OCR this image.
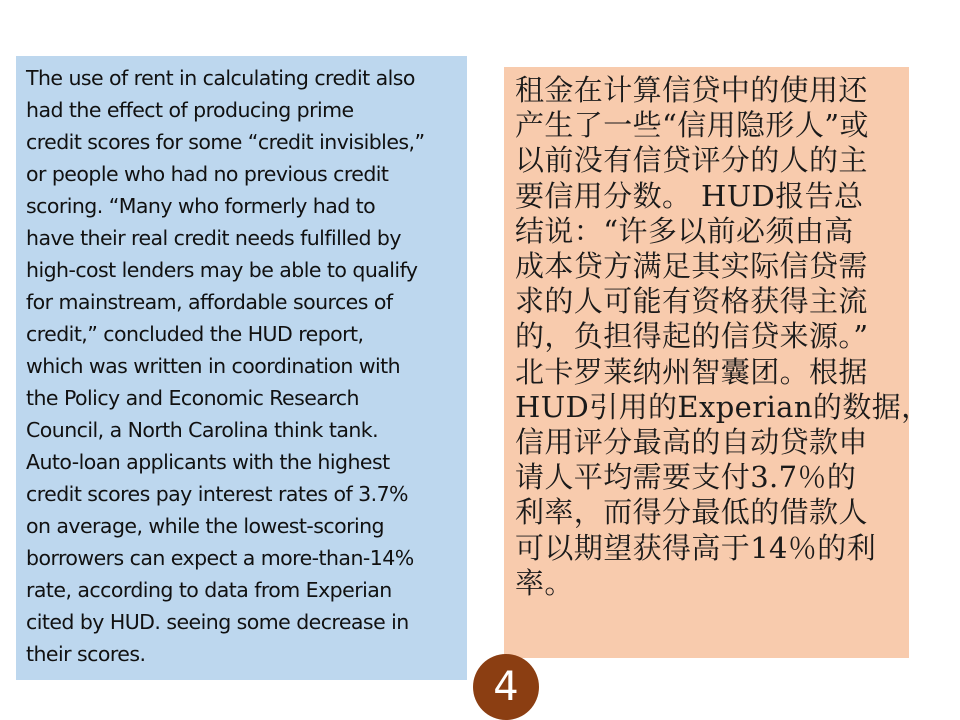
The use of rent in calculating credit also
had the effect of producing prime
credit scores for some “credit invisibles,”
or people who had no previous credit
scoring. “Many who formerly had to
have their real credit needs fulfilled by
high-cost lenders may be able to qualify
for mainstream, affordable sources of
credit,” concluded the HUD report,
which was written in coordination with
the Policy and Economic Research
Council, a North Carolina think tank.
Auto-loan applicants with the highest
credit scores pay interest rates of 3.7%
on average, while the lowest-scoring
borrowers can expect a more-than-14%
rate, according to data from Experian
cited by HUD. seeing some decrease in
their scores.
租金在计算信贷中的使用还
产生了一些“信用隐形人”或
以前没有信贷评分的人的主
要信用分数。 HUD报告总
结说：“许多以前必须由高
成本贷方满足其实际信贷需
求的人可能有资格获得主流
的，负担得起的信贷来源。”
北卡罗莱纳州智囊团。根据
HUD引用的Experian的数据，
信用评分最高的自动贷款申
请人平均需要支付3.7％的
利率，而得分最低的借款人
可以期望获得高于14％的利
率。
4
